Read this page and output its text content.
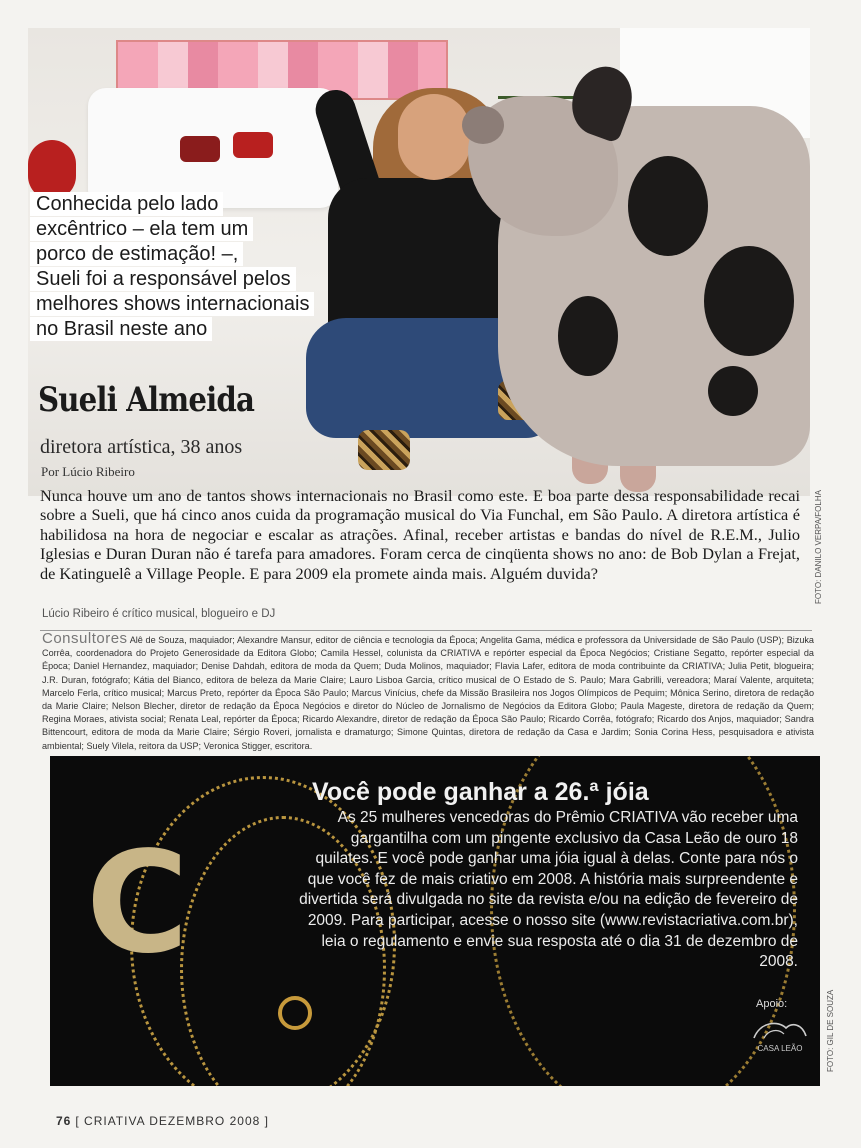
FOTO: DANILO VERPA/FOLHA
Conhecida pelo lado
excêntrico – ela tem um
porco de estimação! –,
Sueli foi a responsável pelos
melhores shows internacionais
no Brasil neste ano
Sueli Almeida
diretora artística, 38 anos
Por Lúcio Ribeiro
Nunca houve um ano de tantos shows internacionais no Brasil como este. E boa parte dessa responsabilidade recai sobre a Sueli, que há cinco anos cuida da programação musical do Via Funchal, em São Paulo. A diretora artística é habilidosa na hora de negociar e escalar as atrações. Afinal, receber artistas e bandas do nível de R.E.M., Julio Iglesias e Duran Duran não é tarefa para amadores. Foram cerca de cinqüenta shows no ano: de Bob Dylan a Frejat, de Katinguelê a Village People. E para 2009 ela promete ainda mais. Alguém duvida?
Lúcio Ribeiro é crítico musical, blogueiro e DJ
Consultores Alê de Souza, maquiador; Alexandre Mansur, editor de ciência e tecnologia da Época; Angelita Gama, médica e professora da Universidade de São Paulo (USP); Bizuka Corrêa, coordenadora do Projeto Generosidade da Editora Globo; Camila Hessel, colunista da CRIATIVA e repórter especial da Época Negócios; Cristiane Segatto, repórter especial da Época; Daniel Hernandez, maquiador; Denise Dahdah, editora de moda da Quem; Duda Molinos, maquiador; Flavia Lafer, editora de moda contribuinte da CRIATIVA; Julia Petit, blogueira; J.R. Duran, fotógrafo; Kátia del Bianco, editora de beleza da Marie Claire; Lauro Lisboa Garcia, crítico musical de O Estado de S. Paulo; Mara Gabrilli, vereadora; Maraí Valente, arquiteta; Marcelo Ferla, crítico musical; Marcus Preto, repórter da Época São Paulo; Marcus Vinícius, chefe da Missão Brasileira nos Jogos Olímpicos de Pequim; Mônica Serino, diretora de redação da Marie Claire; Nelson Blecher, diretor de redação da Época Negócios e diretor do Núcleo de Jornalismo de Negócios da Editora Globo; Paula Mageste, diretora de redação da Quem; Regina Moraes, ativista social; Renata Leal, repórter da Época; Ricardo Alexandre, diretor de redação da Época São Paulo; Ricardo Corrêa, fotógrafo; Ricardo dos Anjos, maquiador; Sandra Bittencourt, editora de moda da Marie Claire; Sérgio Roveri, jornalista e dramaturgo; Simone Quintas, diretora de redação da Casa e Jardim; Sonia Corina Hess, pesquisadora e ativista ambiental; Suely Vilela, reitora da USP; Veronica Stigger, escritora.
C
Você pode ganhar a 26.ª jóia
As 25 mulheres vencedoras do Prêmio CRIATIVA vão receber uma gargantilha com um pingente exclusivo da Casa Leão de ouro 18 quilates. E você pode ganhar uma jóia igual à delas. Conte para nós o que você fez de mais criativo em 2008. A história mais surpreendente e divertida será divulgada no site da revista e/ou na edição de fevereiro de 2009. Para participar, acesse o nosso site (www.revistacriativa.com.br), leia o regulamento e envie sua resposta até o dia 31 de dezembro de 2008.
Apoio:
CASA LEÃO	FOTO: GIL DE SOUZA
76 [ CRIATIVA DEZEMBRO 2008 ]
